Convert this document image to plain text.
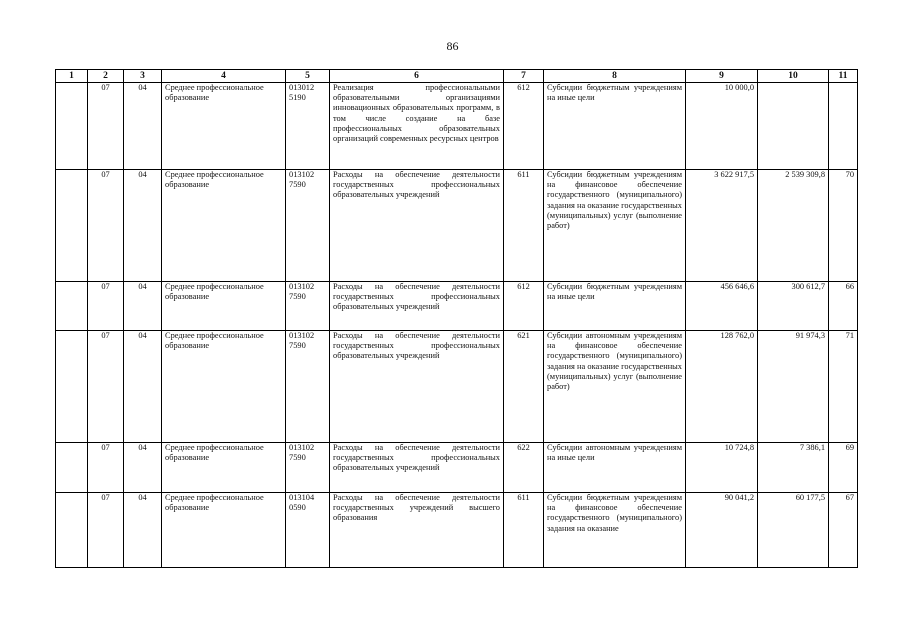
86
1	2	3	4	5	6	7	8	9	10	11
	07	04	Среднее профессиональное образование	013012 5190	Реализация профессиональными образовательными организациями инновационных образовательных программ, в том числе создание на базе профессиональных образовательных организаций современных ресурсных центров	612	Субсидии бюджетным учреждениям на иные цели	10 000,0		
	07	04	Среднее профессиональное образование	013102 7590	Расходы на обеспечение деятельности государственных профессиональных образовательных учреждений	611	Субсидии бюджетным учреждениям на финансовое обеспечение государственного (муниципального) задания на оказание государственных (муниципальных) услуг (выполнение работ)	3 622 917,5	2 539 309,8	70
	07	04	Среднее профессиональное образование	013102 7590	Расходы на обеспечение деятельности государственных профессиональных образовательных учреждений	612	Субсидии бюджетным учреждениям на иные цели	456 646,6	300 612,7	66
	07	04	Среднее профессиональное образование	013102 7590	Расходы на обеспечение деятельности государственных профессиональных образовательных учреждений	621	Субсидии автономным учреждениям на финансовое обеспечение государственного (муниципального) задания на оказание государственных (муниципальных) услуг (выполнение работ)	128 762,0	91 974,3	71
	07	04	Среднее профессиональное образование	013102 7590	Расходы на обеспечение деятельности государственных профессиональных образовательных учреждений	622	Субсидии автономным учреждениям на иные цели	10 724,8	7 386,1	69
	07	04	Среднее профессиональное образование	013104 0590	Расходы на обеспечение деятельности государственных учреждений высшего образования	611	Субсидии бюджетным учреждениям на финансовое обеспечение государственного (муниципального) задания на оказание	90 041,2	60 177,5	67
